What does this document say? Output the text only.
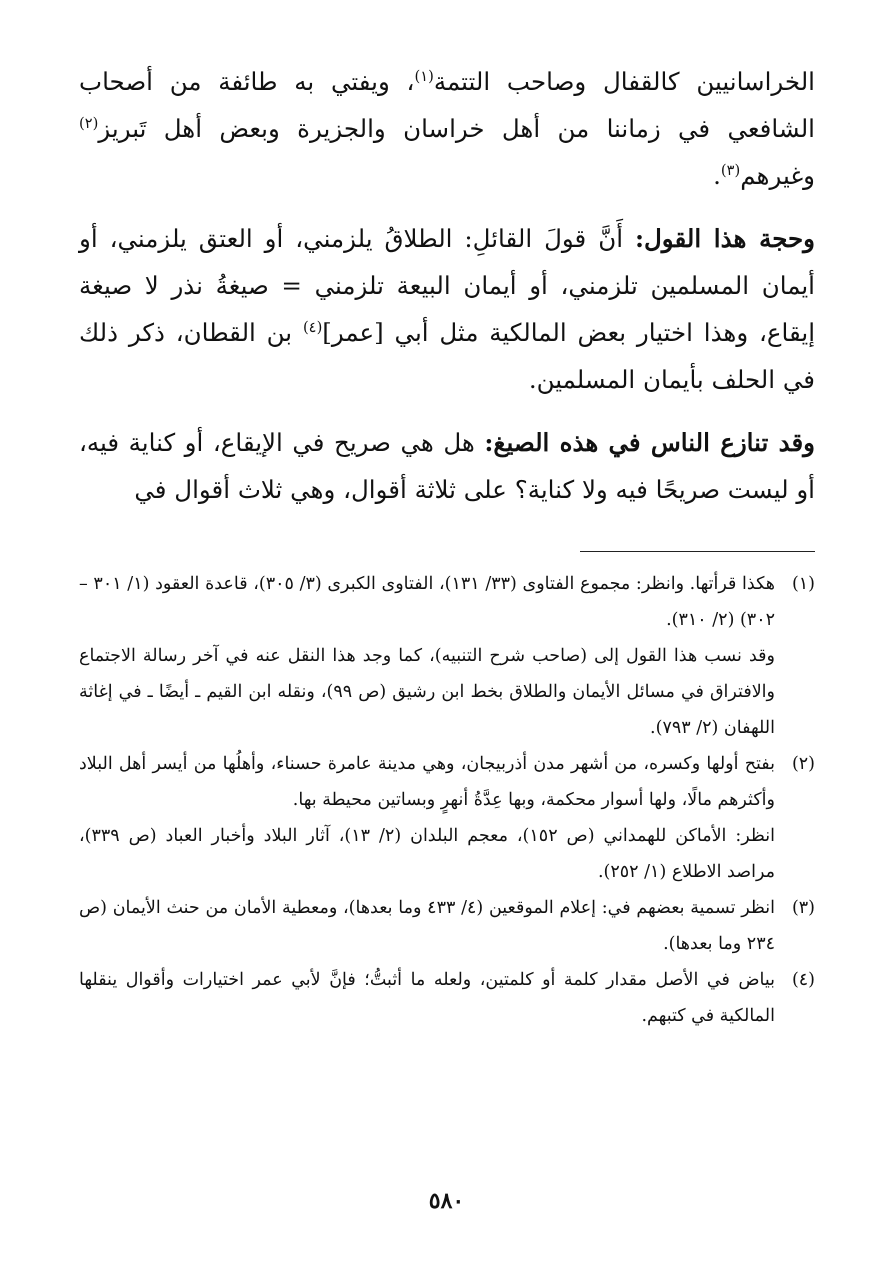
الخراسانيين كالقفال وصاحب التتمة$^{(١)}$، ويفتي به طائفة من أصحاب الشافعي في زماننا من أهل خراسان والجزيرة وبعض أهل تَبريز$^{(٢)}$ وغيرهم$^{(٣)}$.

وحجة هذا القول: أَنَّ قولَ القائلِ: الطلاقُ يلزمني، أو العتق يلزمني، أو أيمان المسلمين تلزمني، أو أيمان البيعة تلزمني = صيغةُ نذر لا صيغة إيقاع، وهذا اختيار بعض المالكية مثل أبي [عمر]$^{(٤)}$ بن القطان، ذكر ذلك في الحلف بأيمان المسلمين.

وقد تنازع الناس في هذه الصيغ: هل هي صريح في الإيقاع، أو كناية فيه، أو ليست صريحًا فيه ولا كناية؟ على ثلاثة أقوال، وهي ثلاث أقوال في

(١)

هكذا قرأتها. وانظر: مجموع الفتاوى (٣٣/ ١٣١)، الفتاوى الكبرى (٣/ ٣٠٥)، قاعدة العقود (١/ ٣٠١ – ٣٠٢) (٢/ ٣١٠).

وقد نسب هذا القول إلى (صاحب شرح التنبيه)، كما وجد هذا النقل عنه في آخر رسالة الاجتماع والافتراق في مسائل الأيمان والطلاق بخط ابن رشيق (ص ٩٩)، ونقله ابن القيم ـ أيضًا ـ في إغاثة اللهفان (٢/ ٧٩٣).

(٢)

بفتح أولها وكسره، من أشهر مدن أذربيجان، وهي مدينة عامرة حسناء، وأهلُها من أيسر أهل البلاد وأكثرهم مالًا، ولها أسوار محكمة، وبها عِدَّةُ أنهرٍ وبساتين محيطة بها.

انظر: الأماكن للهمداني (ص ١٥٢)، معجم البلدان (٢/ ١٣)، آثار البلاد وأخبار العباد (ص ٣٣٩)، مراصد الاطلاع (١/ ٢٥٢).

(٣)

انظر تسمية بعضهم في: إعلام الموقعين (٤/ ٤٣٣ وما بعدها)، ومعطية الأمان من حنث الأيمان (ص ٢٣٤ وما بعدها).

(٤)

بياض في الأصل مقدار كلمة أو كلمتين، ولعله ما أثبتُّ؛ فإنَّ لأبي عمر اختيارات وأقوال ينقلها المالكية في كتبهم.

٥٨٠
